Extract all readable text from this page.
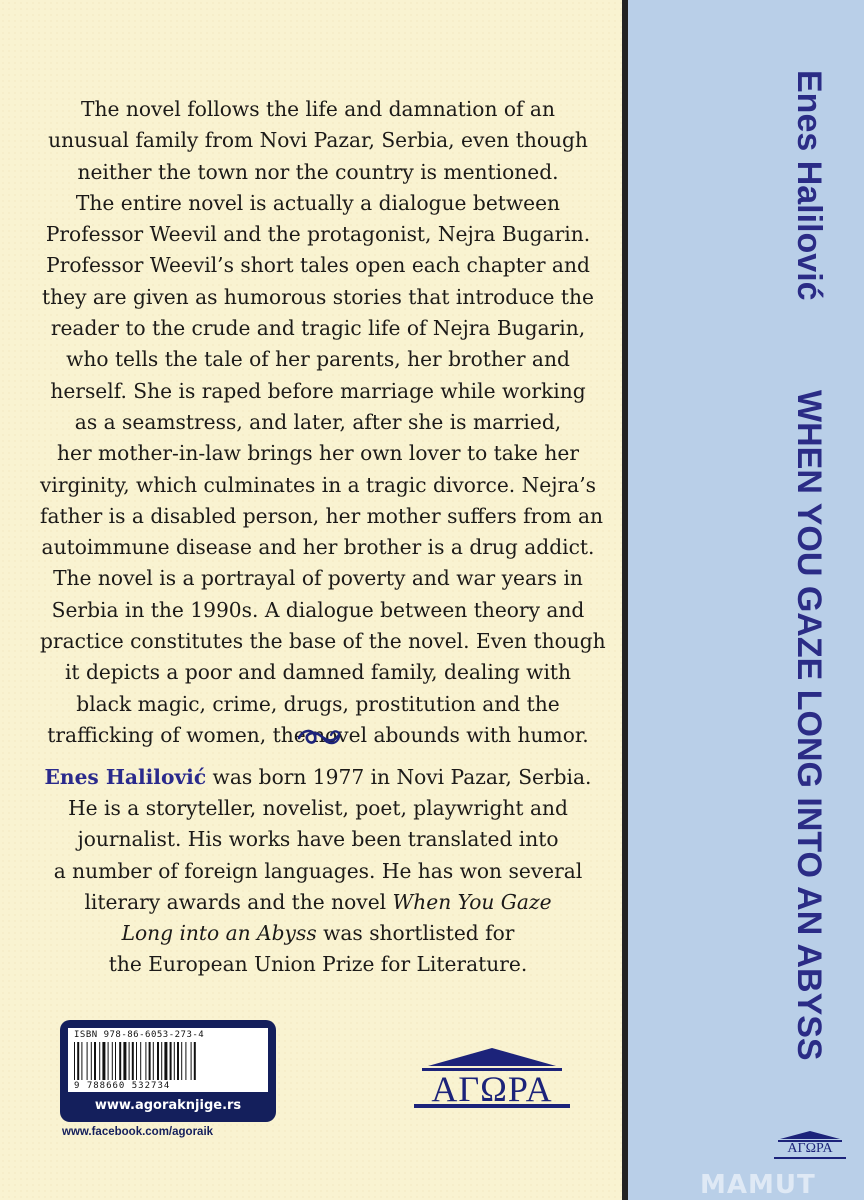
The novel follows the life and damnation of an
unusual family from Novi Pazar, Serbia, even though
neither the town nor the country is mentioned.
The entire novel is actually a dialogue between
Professor Weevil and the protagonist, Nejra Bugarin.
Professor Weevil’s short tales open each chapter and
they are given as humorous stories that introduce the
reader to the crude and tragic life of Nejra Bugarin,
who tells the tale of her parents, her brother and
herself. She is raped before marriage while working
as a seamstress, and later, after she is married,
her mother-in-law brings her own lover to take her
virginity, which culminates in a tragic divorce. Nejra’s
father is a disabled person, her mother suffers from an
autoimmune disease and her brother is a drug addict.
The novel is a portrayal of poverty and war years in
Serbia in the 1990s. A dialogue between theory and
practice constitutes the base of the novel. Even though
it depicts a poor and damned family, dealing with
black magic, crime, drugs, prostitution and the
trafficking of women, the novel abounds with humor.
Enes Halilović was born 1977 in Novi Pazar, Serbia.
He is a storyteller, novelist, poet, playwright and
journalist. His works have been translated into
a number of foreign languages. He has won several
literary awards and the novel When You Gaze
Long into an Abyss was shortlisted for
the European Union Prize for Literature.
ISBN 978-86-6053-273-4
9 788660 532734
www.agoraknjige.rs
www.facebook.com/agoraik
ΑΓΩΡΑ
Enes HalilovićWHEN YOU GAZE LONG INTO AN ABYSS
ΑΓΩΡΑ
MAMUT
